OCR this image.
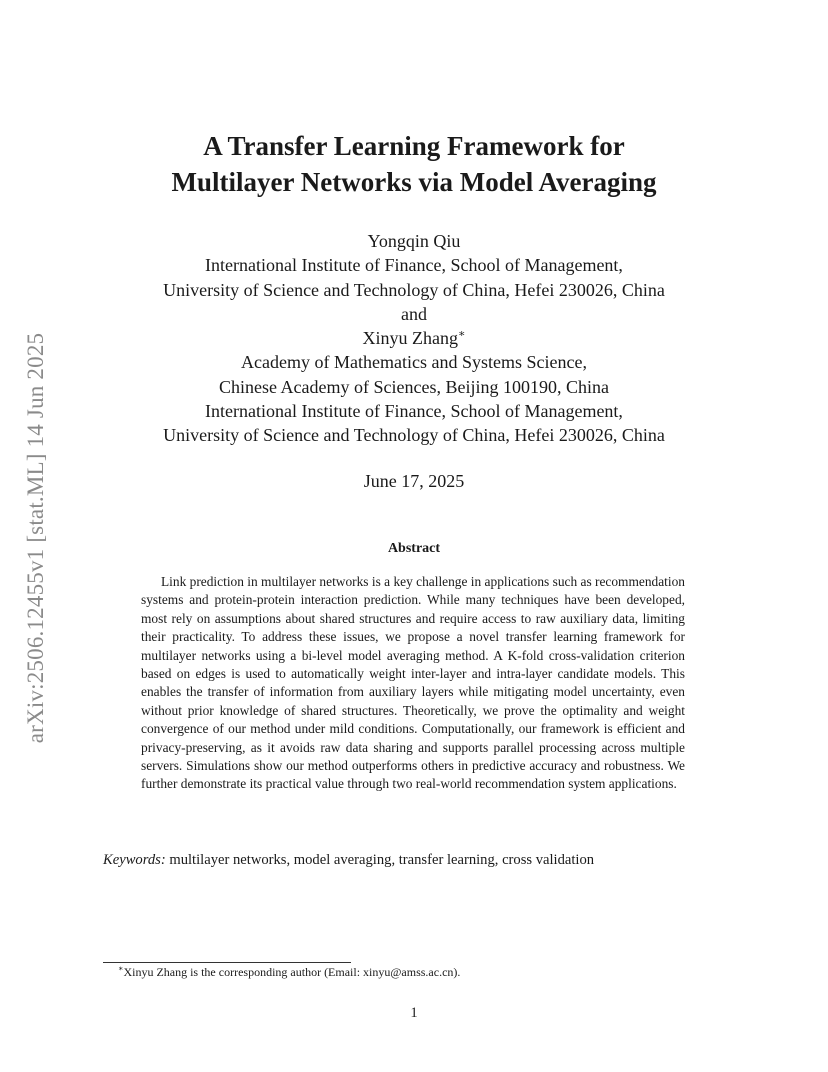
arXiv:2506.12455v1 [stat.ML] 14 Jun 2025
A Transfer Learning Framework for
Multilayer Networks via Model Averaging
Yongqin Qiu
International Institute of Finance, School of Management,
University of Science and Technology of China, Hefei 230026, China
and
Xinyu Zhang∗
Academy of Mathematics and Systems Science,
Chinese Academy of Sciences, Beijing 100190, China
International Institute of Finance, School of Management,
University of Science and Technology of China, Hefei 230026, China
June 17, 2025
Abstract

Link prediction in multilayer networks is a key challenge in applications such as recommendation systems and protein-protein interaction prediction. While many techniques have been developed, most rely on assumptions about shared structures and require access to raw auxiliary data, limiting their practicality. To address these issues, we propose a novel transfer learning framework for multilayer networks using a bi-level model averaging method. A K-fold cross-validation criterion based on edges is used to automatically weight inter-layer and intra-layer candidate models. This enables the transfer of information from auxiliary layers while mitigating model uncertainty, even without prior knowledge of shared structures. Theoretically, we prove the optimality and weight convergence of our method under mild conditions. Computationally, our framework is efficient and privacy-preserving, as it avoids raw data sharing and supports parallel processing across multiple servers. Simulations show our method outperforms others in predictive accuracy and robustness. We further demonstrate its practical value through two real-world recommendation system applications.

Keywords: multilayer networks, model averaging, transfer learning, cross validation
∗Xinyu Zhang is the corresponding author (Email: xinyu@amss.ac.cn).
1
